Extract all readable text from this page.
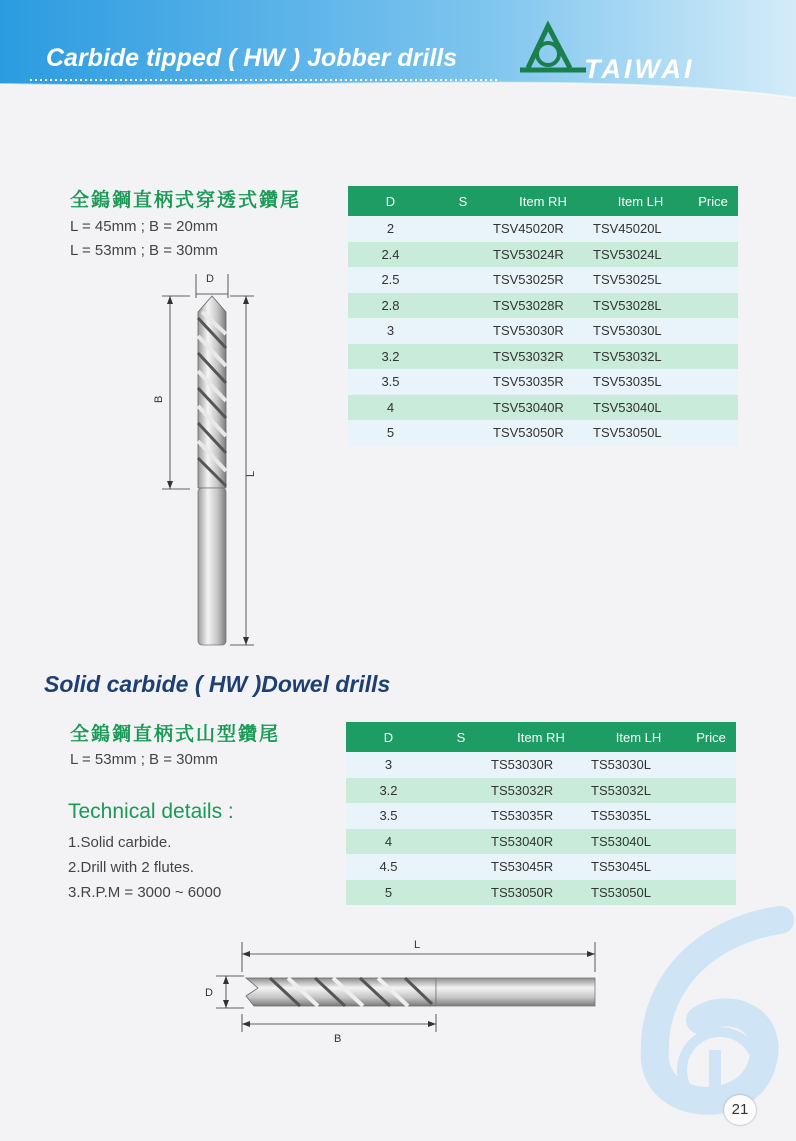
Carbide tipped ( HW ) Jobber drills	TAIWAI
全鎢鋼直柄式穿透式鑽尾
L = 45mm ; B = 20mm
L = 53mm ; B = 30mm
D
B
L
D	S	Item RH	Item LH	Price
2		TSV45020R	TSV45020L	
2.4		TSV53024R	TSV53024L	
2.5		TSV53025R	TSV53025L	
2.8		TSV53028R	TSV53028L	
3		TSV53030R	TSV53030L	
3.2		TSV53032R	TSV53032L	
3.5		TSV53035R	TSV53035L	
4		TSV53040R	TSV53040L	
5		TSV53050R	TSV53050L	
Solid carbide ( HW )Dowel drills
全鎢鋼直柄式山型鑽尾
L = 53mm ; B = 30mm
Technical details :
1.Solid carbide.
2.Drill with 2 flutes.
3.R.P.M = 3000 ~ 6000
D	S	Item RH	Item LH	Price
3		TS53030R	TS53030L	
3.2		TS53032R	TS53032L	
3.5		TS53035R	TS53035L	
4		TS53040R	TS53040L	
4.5		TS53045R	TS53045L	
5		TS53050R	TS53050L	
L
D
B
21
